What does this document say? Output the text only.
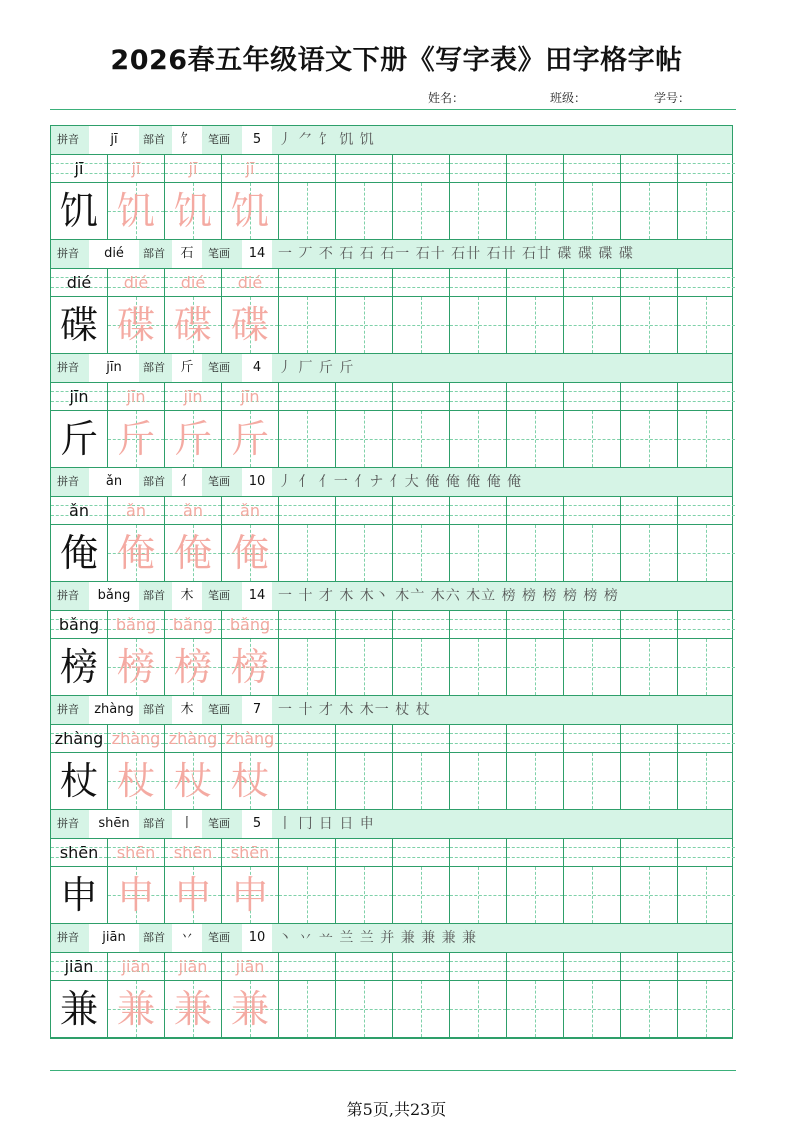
2026春五年级语文下册《写字表》田字格字帖
姓名：	班级：	学号：
拼音	jī	部首	饣	笔画	5	丿 ⺈ 饣 饥 饥
jī	jī	jī	jī
饥 饥 饥 饥
拼音	dié	部首	石	笔画	14 一 丆 不 石 石 石一 石十 石卄 石卄 石廿 碟 碟 碟 碟
dié	dié	dié	dié
碟 碟 碟 碟
拼音	jīn	部首	斤	笔画	4	丿 厂 斤 斤
jīn	jīn	jīn	jīn
斤 斤 斤 斤
拼音	ǎn	部首	亻	笔画	10 丿 亻 亻一 亻ナ 亻大 俺 俺 俺 俺 俺
ǎn	ǎn	ǎn	ǎn
俺 俺 俺 俺
拼音	bǎng	部首	木	笔画	14 一 十 才 木 木丶 木亠 木六 木立 榜 榜 榜 榜 榜 榜
bǎng	bǎng	bǎng	bǎng
榜 榜 榜 榜
拼音	zhàng 部首	木	笔画	7	一 十 才 木 木一 杖 杖
zhàng zhàng zhàng zhàng
杖 杖 杖 杖
拼音	shēn	部首	丨	笔画	5	丨 冂 日 日 申
shēn	shēn	shēn	shēn
申 申 申 申
拼音	jiān	部首	丷	笔画	10 丶 丷 䒑 兰 兰 并 兼 兼 兼 兼
jiān	jiān	jiān	jiān
兼 兼 兼 兼
第5页,共23页
